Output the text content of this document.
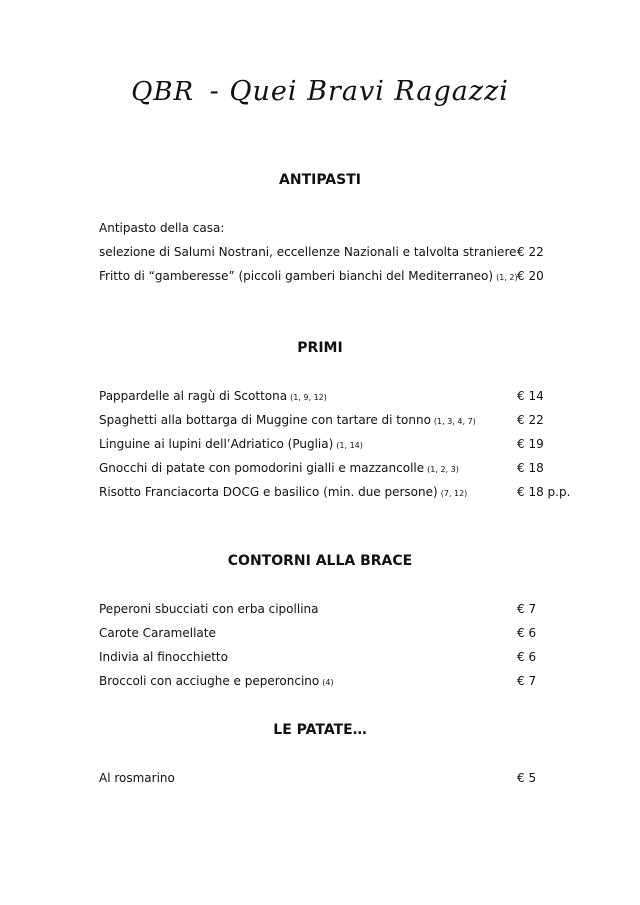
QBR - Quei Bravi Ragazzi
ANTIPASTI
Antipasto della casa:
selezione di Salumi Nostrani, eccellenze Nazionali e talvolta straniere € 22
Fritto di “gamberesse” (piccoli gamberi bianchi del Mediterraneo) (1, 2) € 20
PRIMI
Pappardelle al ragù di Scottona (1, 9, 12)	€ 14
Spaghetti alla bottarga di Muggine con tartare di tonno (1, 3, 4, 7)	€ 22
Linguine ai lupini dell’Adriatico (Puglia) (1, 14)	€ 19
Gnocchi di patate con pomodorini gialli e mazzancolle (1, 2, 3)	€ 18
Risotto Franciacorta DOCG e basilico (min. due persone) (7, 12)	€ 18 p.p.
CONTORNI ALLA BRACE
Peperoni sbucciati con erba cipollina	€ 7
Carote Caramellate	€ 6
Indivia al finocchietto	€ 6
Broccoli con acciughe e peperoncino (4)	€ 7
LE PATATE…
Al rosmarino	€ 5
